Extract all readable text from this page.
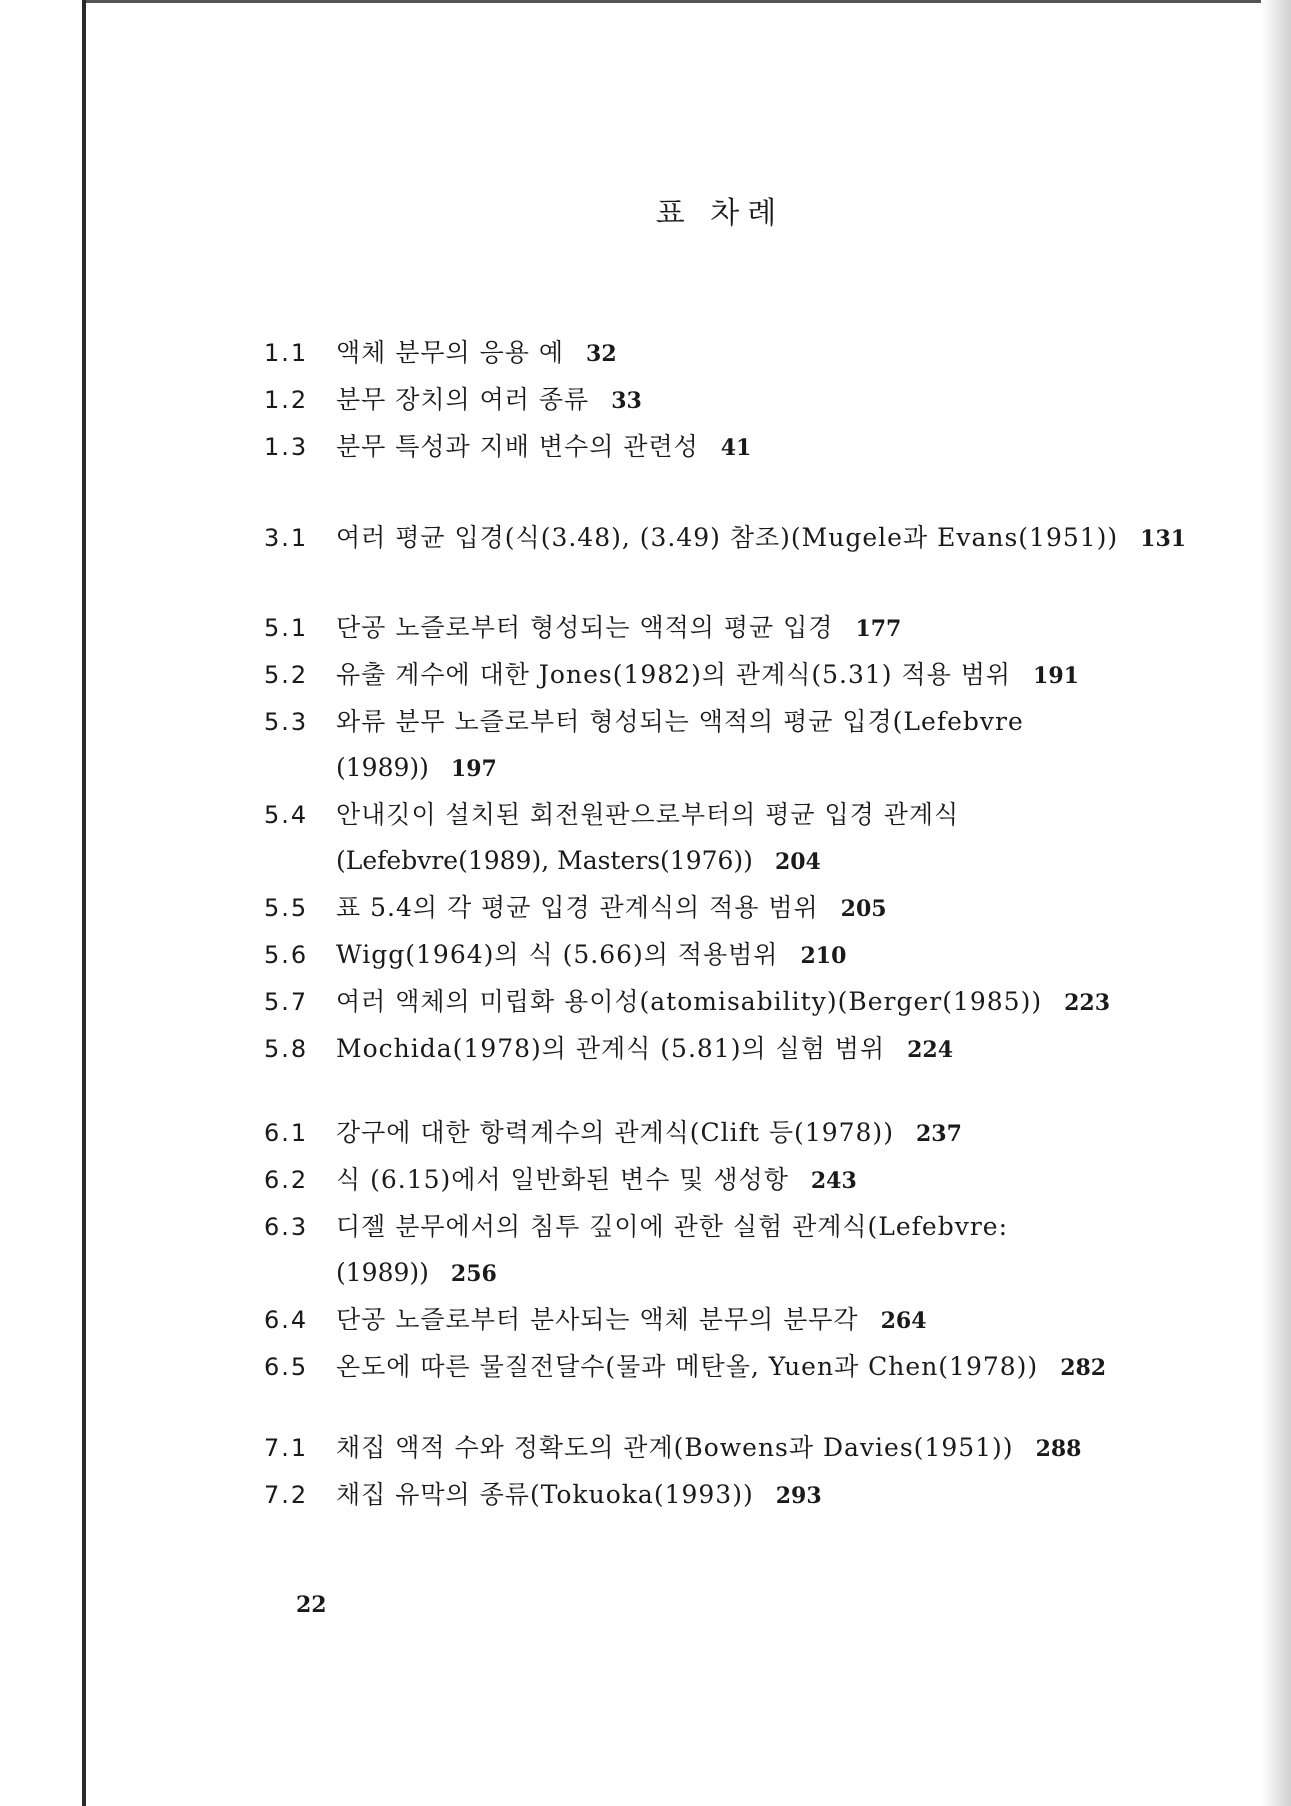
표 차례
1.1 액체 분무의 응용 예 32
1.2 분무 장치의 여러 종류 33
1.3 분무 특성과 지배 변수의 관련성 41
3.1 여러 평균 입경(식(3.48), (3.49) 참조)(Mugele과 Evans(1951)) 131
5.1 단공 노즐로부터 형성되는 액적의 평균 입경 177
5.2 유출 계수에 대한 Jones(1982)의 관계식(5.31) 적용 범위 191
5.3 와류 분무 노즐로부터 형성되는 액적의 평균 입경(Lefebvre
(1989)) 197
5.4 안내깃이 설치된 회전원판으로부터의 평균 입경 관계식
(Lefebvre(1989), Masters(1976)) 204
5.5 표 5.4의 각 평균 입경 관계식의 적용 범위 205
5.6 Wigg(1964)의 식 (5.66)의 적용범위 210
5.7 여러 액체의 미립화 용이성(atomisability)(Berger(1985)) 223
5.8 Mochida(1978)의 관계식 (5.81)의 실험 범위 224
6.1 강구에 대한 항력계수의 관계식(Clift 등(1978)) 237
6.2 식 (6.15)에서 일반화된 변수 및 생성항 243
6.3 디젤 분무에서의 침투 깊이에 관한 실험 관계식(Lefebvre:
(1989)) 256
6.4 단공 노즐로부터 분사되는 액체 분무의 분무각 264
6.5 온도에 따른 물질전달수(물과 메탄올, Yuen과 Chen(1978)) 282
7.1 채집 액적 수와 정확도의 관계(Bowens과 Davies(1951)) 288
7.2 채집 유막의 종류(Tokuoka(1993)) 293
22
